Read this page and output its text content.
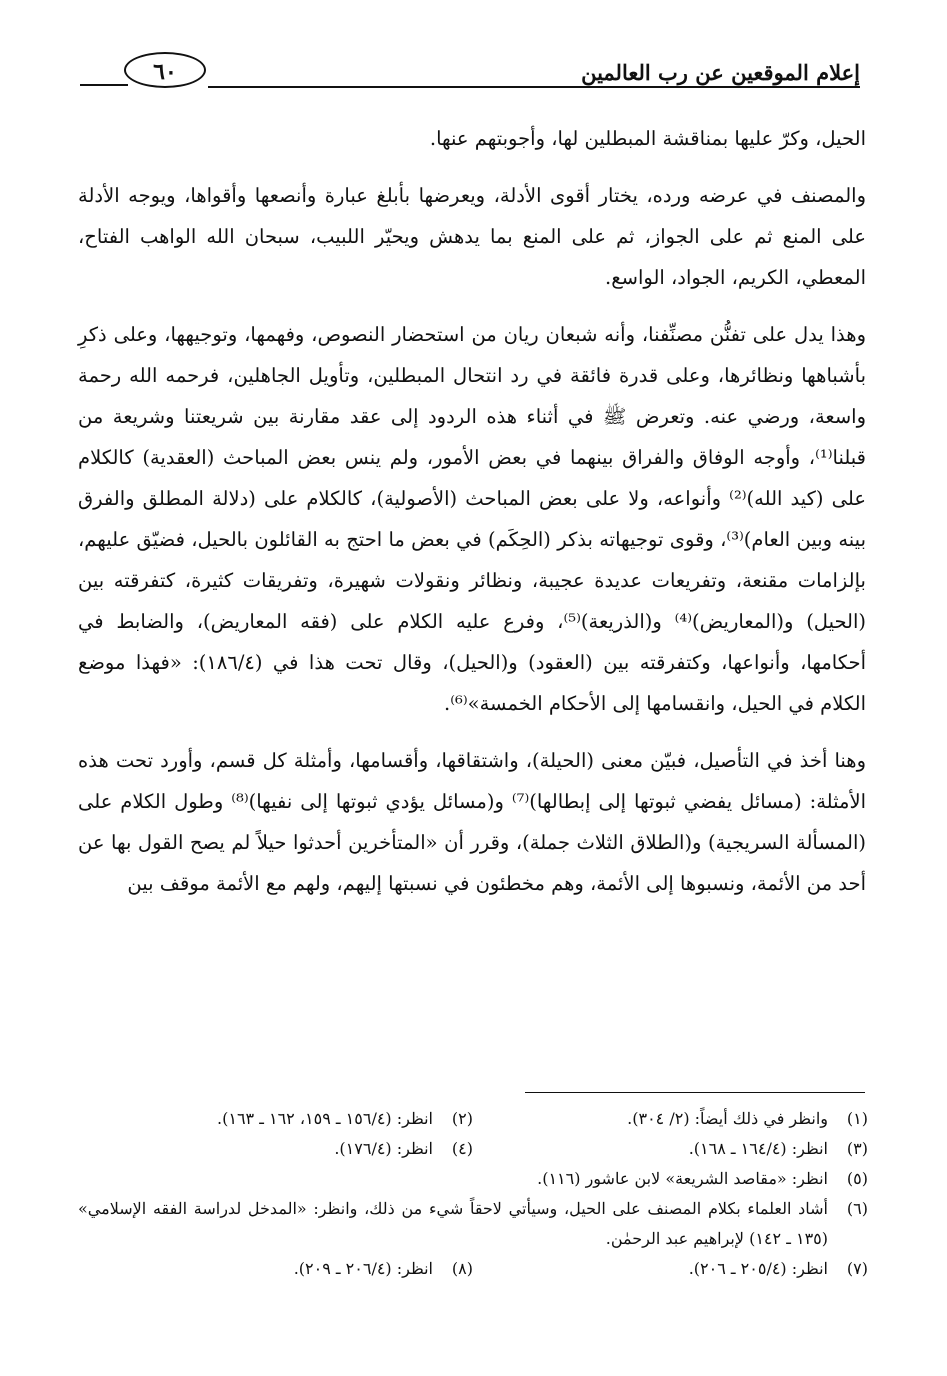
إعلام الموقعين عن رب العالمين
٦٠

الحيل، وكرّ عليها بمناقشة المبطلين لها، وأجوبتهم عنها.

والمصنف في عرضه ورده، يختار أقوى الأدلة، ويعرضها بأبلغ عبارة وأنصعها وأقواها، ويوجه الأدلة على المنع ثم على الجواز، ثم على المنع بما يدهش ويحيّر اللبيب، سبحان الله الواهب الفتاح، المعطي، الكريم، الجواد، الواسع.

وهذا يدل على تفنُّن مصنِّفنا، وأنه شبعان ريان من استحضار النصوص، وفهمها، وتوجيهها، وعلى ذكرِ بأشباهها ونظائرها، وعلى قدرة فائقة في رد انتحال المبطلين، وتأويل الجاهلين، فرحمه الله رحمة واسعة، ورضي عنه. وتعرض ﷺ في أثناء هذه الردود إلى عقد مقارنة بين شريعتنا وشريعة من قبلنا⁽¹⁾، وأوجه الوفاق والفراق بينهما في بعض الأمور، ولم ينس بعض المباحث (العقدية) كالكلام على (كيد الله)⁽²⁾ وأنواعه، ولا على بعض المباحث (الأصولية)، كالكلام على (دلالة المطلق والفرق بينه وبين العام)⁽³⁾، وقوى توجيهاته بذكر (الحِكَم) في بعض ما احتج به القائلون بالحيل، فضيّق عليهم، بإلزامات مقنعة، وتفريعات عديدة عجيبة، ونظائر ونقولات شهيرة، وتفريقات كثيرة، كتفرقته بين (الحيل) و(المعاريض)⁽⁴⁾ و(الذريعة)⁽⁵⁾، وفرع عليه الكلام على (فقه المعاريض)، والضابط في أحكامها، وأنواعها، وكتفرقته بين (العقود) و(الحيل)، وقال تحت هذا في (١٨٦/٤): «فهذا موضع الكلام في الحيل، وانقسامها إلى الأحكام الخمسة»⁽⁶⁾.

وهنا أخذ في التأصيل، فبيّن معنى (الحيلة)، واشتقاقها، وأقسامها، وأمثلة كل قسم، وأورد تحت هذه الأمثلة: (مسائل يفضي ثبوتها إلى إبطالها)⁽⁷⁾ و(مسائل يؤدي ثبوتها إلى نفيها)⁽⁸⁾ وطول الكلام على (المسألة السريجية) و(الطلاق الثلاث جملة)، وقرر أن «المتأخرين أحدثوا حيلاً لم يصح القول بها عن أحد من الأئمة، ونسبوها إلى الأئمة، وهم مخطئون في نسبتها إليهم، ولهم مع الأئمة موقف بين

(١)
وانظر في ذلك أيضاً: (٢/ ٣٠٤).
(٢)
انظر: (١٥٦/٤ ـ ١٥٩، ١٦٢ ـ ١٦٣).
(٣)
انظر: (١٦٤/٤ ـ ١٦٨).
(٤)
انظر: (١٧٦/٤).
(٥)
انظر: «مقاصد الشريعة» لابن عاشور (١١٦).
(٦)
أشاد العلماء بكلام المصنف على الحيل، وسيأتي لاحقاً شيء من ذلك، وانظر: «المدخل لدراسة الفقه الإسلامي» (١٣٥ ـ ١٤٢) لإبراهيم عبد الرحمٰن.
(٧)
انظر: (٢٠٥/٤ ـ ٢٠٦).
(٨)
انظر: (٢٠٦/٤ ـ ٢٠٩).
